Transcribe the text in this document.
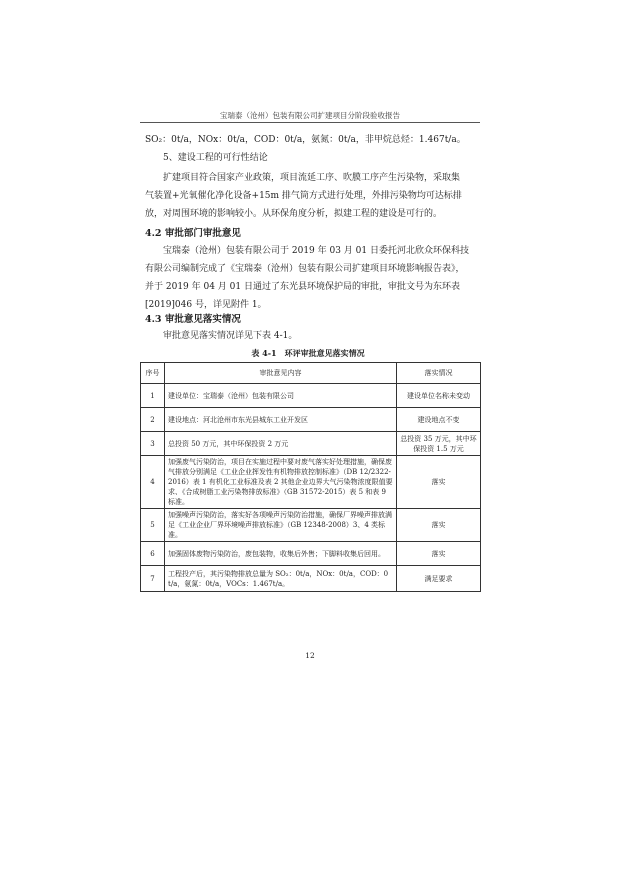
宝瑞泰（沧州）包装有限公司扩建项目分阶段验收报告
SO₂：0t/a，NOx：0t/a，COD：0t/a，氨氮：0t/a，非甲烷总烃：1.467t/a。
5、建设工程的可行性结论
扩建项目符合国家产业政策，项目流延工序、吹膜工序产生污染物，采取集
气装置+光氧催化净化设备+15m 排气筒方式进行处理，外排污染物均可达标排
放，对周围环境的影响较小。从环保角度分析，拟建工程的建设是可行的。
4.2 审批部门审批意见
宝瑞泰（沧州）包装有限公司于 2019 年 03 月 01 日委托河北欣众环保科技
有限公司编制完成了《宝瑞泰（沧州）包装有限公司扩建项目环境影响报告表》，
并于 2019 年 04 月 01 日通过了东光县环境保护局的审批，审批文号为东环表
[2019]046 号，详见附件 1。
4.3 审批意见落实情况
审批意见落实情况详见下表 4-1。
表 4-1　环评审批意见落实情况
序号	审批意见内容	落实情况
1	建设单位：宝瑞泰（沧州）包装有限公司	建设单位名称未变动
2	建设地点：河北沧州市东光县城东工业开发区	建设地点不变
3	总投资 50 万元，其中环保投资 2 万元	总投资 35 万元，其中环保投资 1.5 万元
4	加强废气污染防治，项目在实施过程中要对废气落实好处理措施，确保废气排放分别满足《工业企业挥发性有机物排放控制标准》（DB 12/2322-2016）表 1 有机化工业标准及表 2 其他企业边界大气污染物浓度限值要求、《合成树脂工业污染物排放标准》（GB 31572-2015）表 5 和表 9 标准。	落实
5	加强噪声污染防治，落实好各项噪声污染防治措施，确保厂界噪声排放满足《工业企业厂界环境噪声排放标准》（GB 12348-2008）3、4 类标准。	落实
6	加强固体废物污染防治，废包装物，收集后外售；下脚料收集后回用。	落实
7	工程投产后，其污染物排放总量为 SO₂：0t/a，NOx：0t/a，COD：0t/a，氨氮：0t/a，VOCs：1.467t/a。	满足要求
12
